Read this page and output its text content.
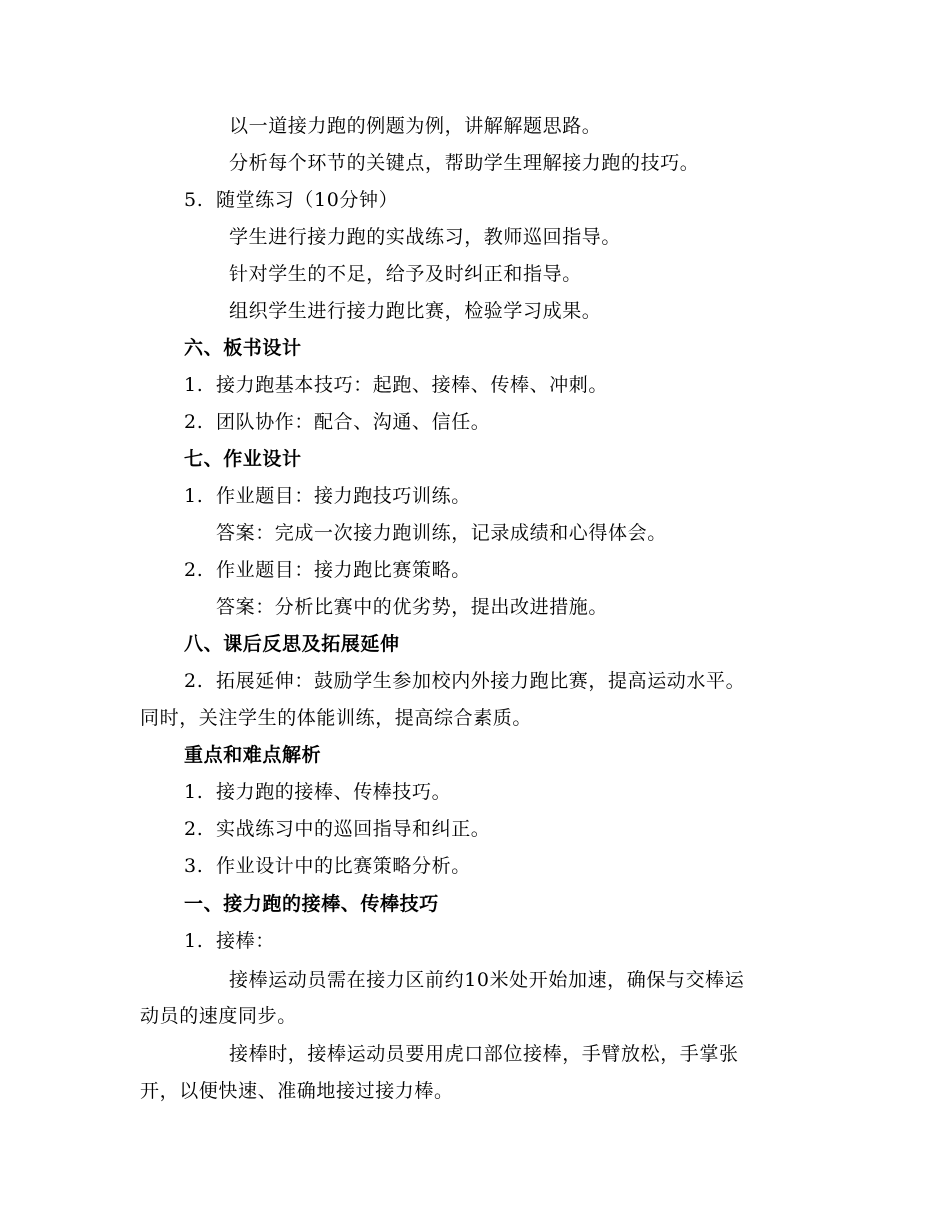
以一道接力跑的例题为例，讲解解题思路。
分析每个环节的关键点，帮助学生理解接力跑的技巧。
5. 随堂练习（10分钟）
学生进行接力跑的实战练习，教师巡回指导。
针对学生的不足，给予及时纠正和指导。
组织学生进行接力跑比赛，检验学习成果。
六、板书设计
1. 接力跑基本技巧：起跑、接棒、传棒、冲刺。
2. 团队协作：配合、沟通、信任。
七、作业设计
1. 作业题目：接力跑技巧训练。
答案：完成一次接力跑训练，记录成绩和心得体会。
2. 作业题目：接力跑比赛策略。
答案：分析比赛中的优劣势，提出改进措施。
八、课后反思及拓展延伸
2. 拓展延伸：鼓励学生参加校内外接力跑比赛，提高运动水平。
同时，关注学生的体能训练，提高综合素质。
重点和难点解析
1. 接力跑的接棒、传棒技巧。
2. 实战练习中的巡回指导和纠正。
3. 作业设计中的比赛策略分析。
一、接力跑的接棒、传棒技巧
1. 接棒：
接棒运动员需在接力区前约10米处开始加速，确保与交棒运
动员的速度同步。
接棒时，接棒运动员要用虎口部位接棒，手臂放松，手掌张
开，以便快速、准确地接过接力棒。
